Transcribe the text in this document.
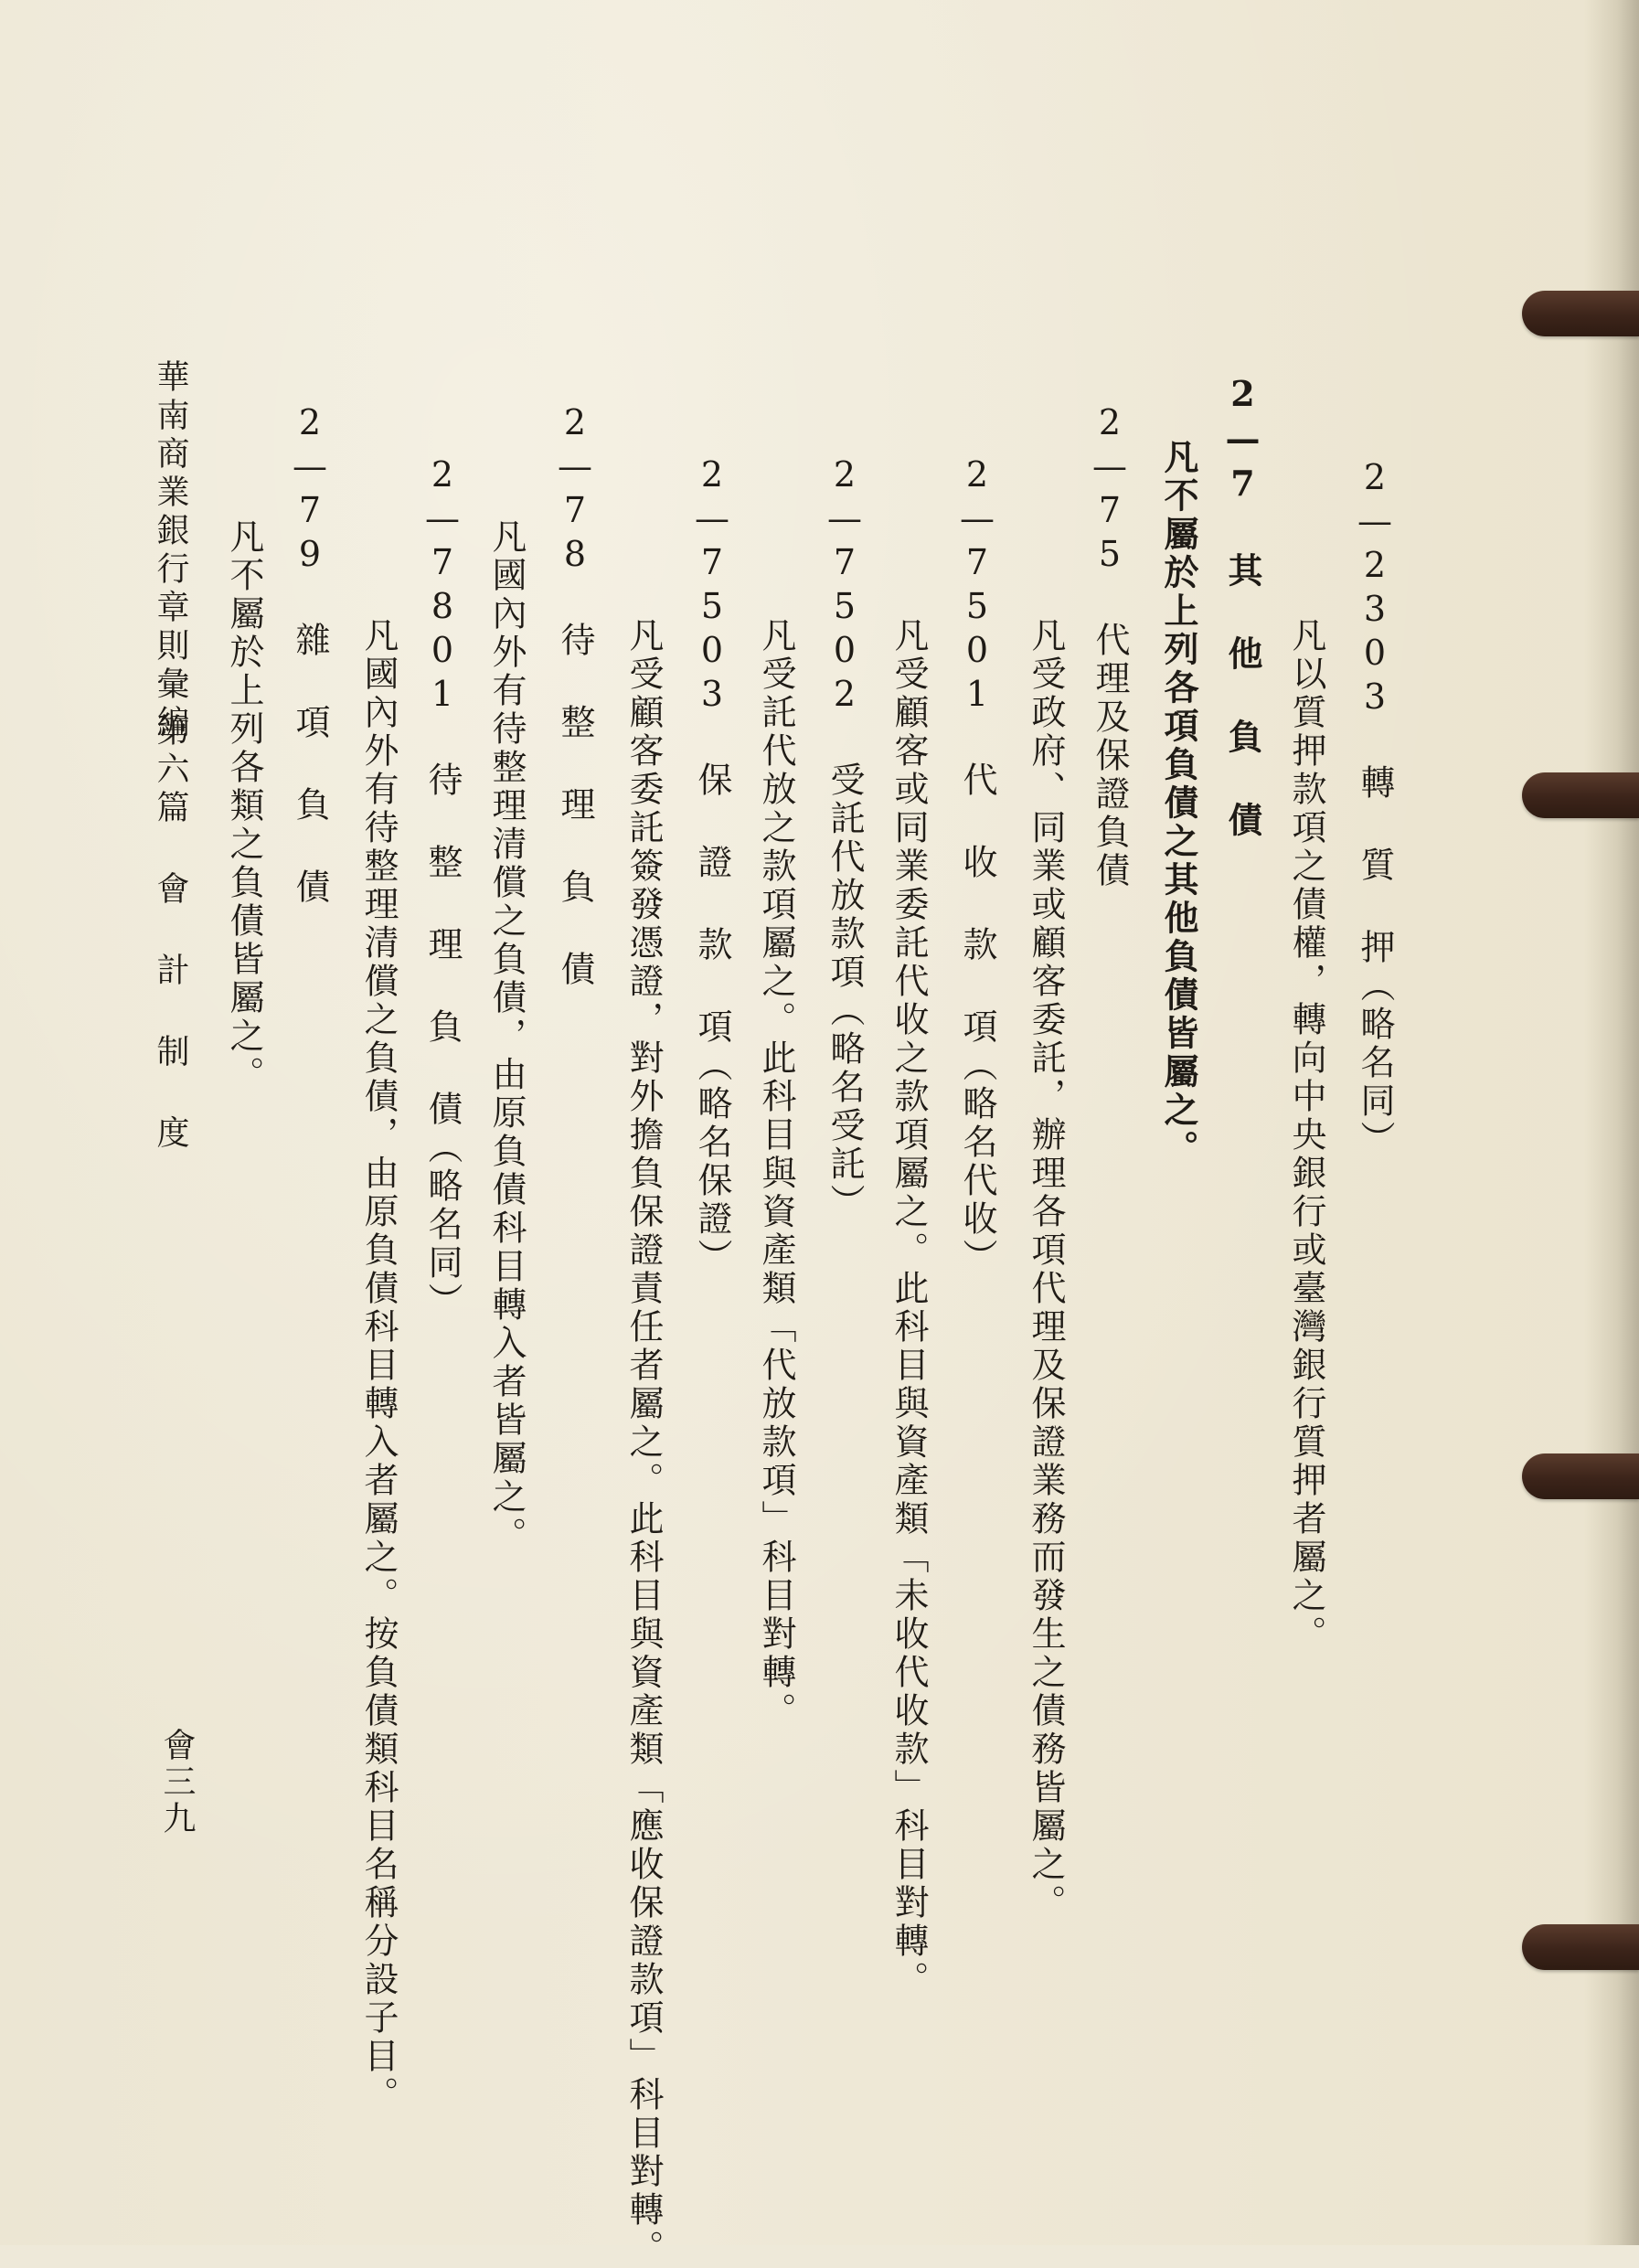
2—2303 轉 質 押（略名同）
凡以質押款項之債權，轉向中央銀行或臺灣銀行質押者屬之。
2—7 其 他 負 債
凡不屬於上列各項負債之其他負債皆屬之。
2—75 代理及保證負債
凡受政府、同業或顧客委託，辦理各項代理及保證業務而發生之債務皆屬之。
2—7501 代 收 款 項（略名代收）
凡受顧客或同業委託代收之款項屬之。此科目與資產類「未收代收款」科目對轉。
2—7502 受託代放款項（略名受託）
凡受託代放之款項屬之。此科目與資產類「代放款項」科目對轉。
2—7503 保 證 款 項（略名保證）
凡受顧客委託簽發憑證，對外擔負保證責任者屬之。此科目與資產類「應收保證款項」科目對轉。
2—78 待 整 理 負 債
凡國內外有待整理清償之負債，由原負債科目轉入者皆屬之。
2—7801 待 整 理 負 債（略名同）
凡國內外有待整理清償之負債，由原負債科目轉入者屬之。按負債類科目名稱分設子目。
2—79 雜 項 負 債
凡不屬於上列各類之負債皆屬之。
華南商業銀行章則彙編
第六篇 會 計 制 度
會三九
